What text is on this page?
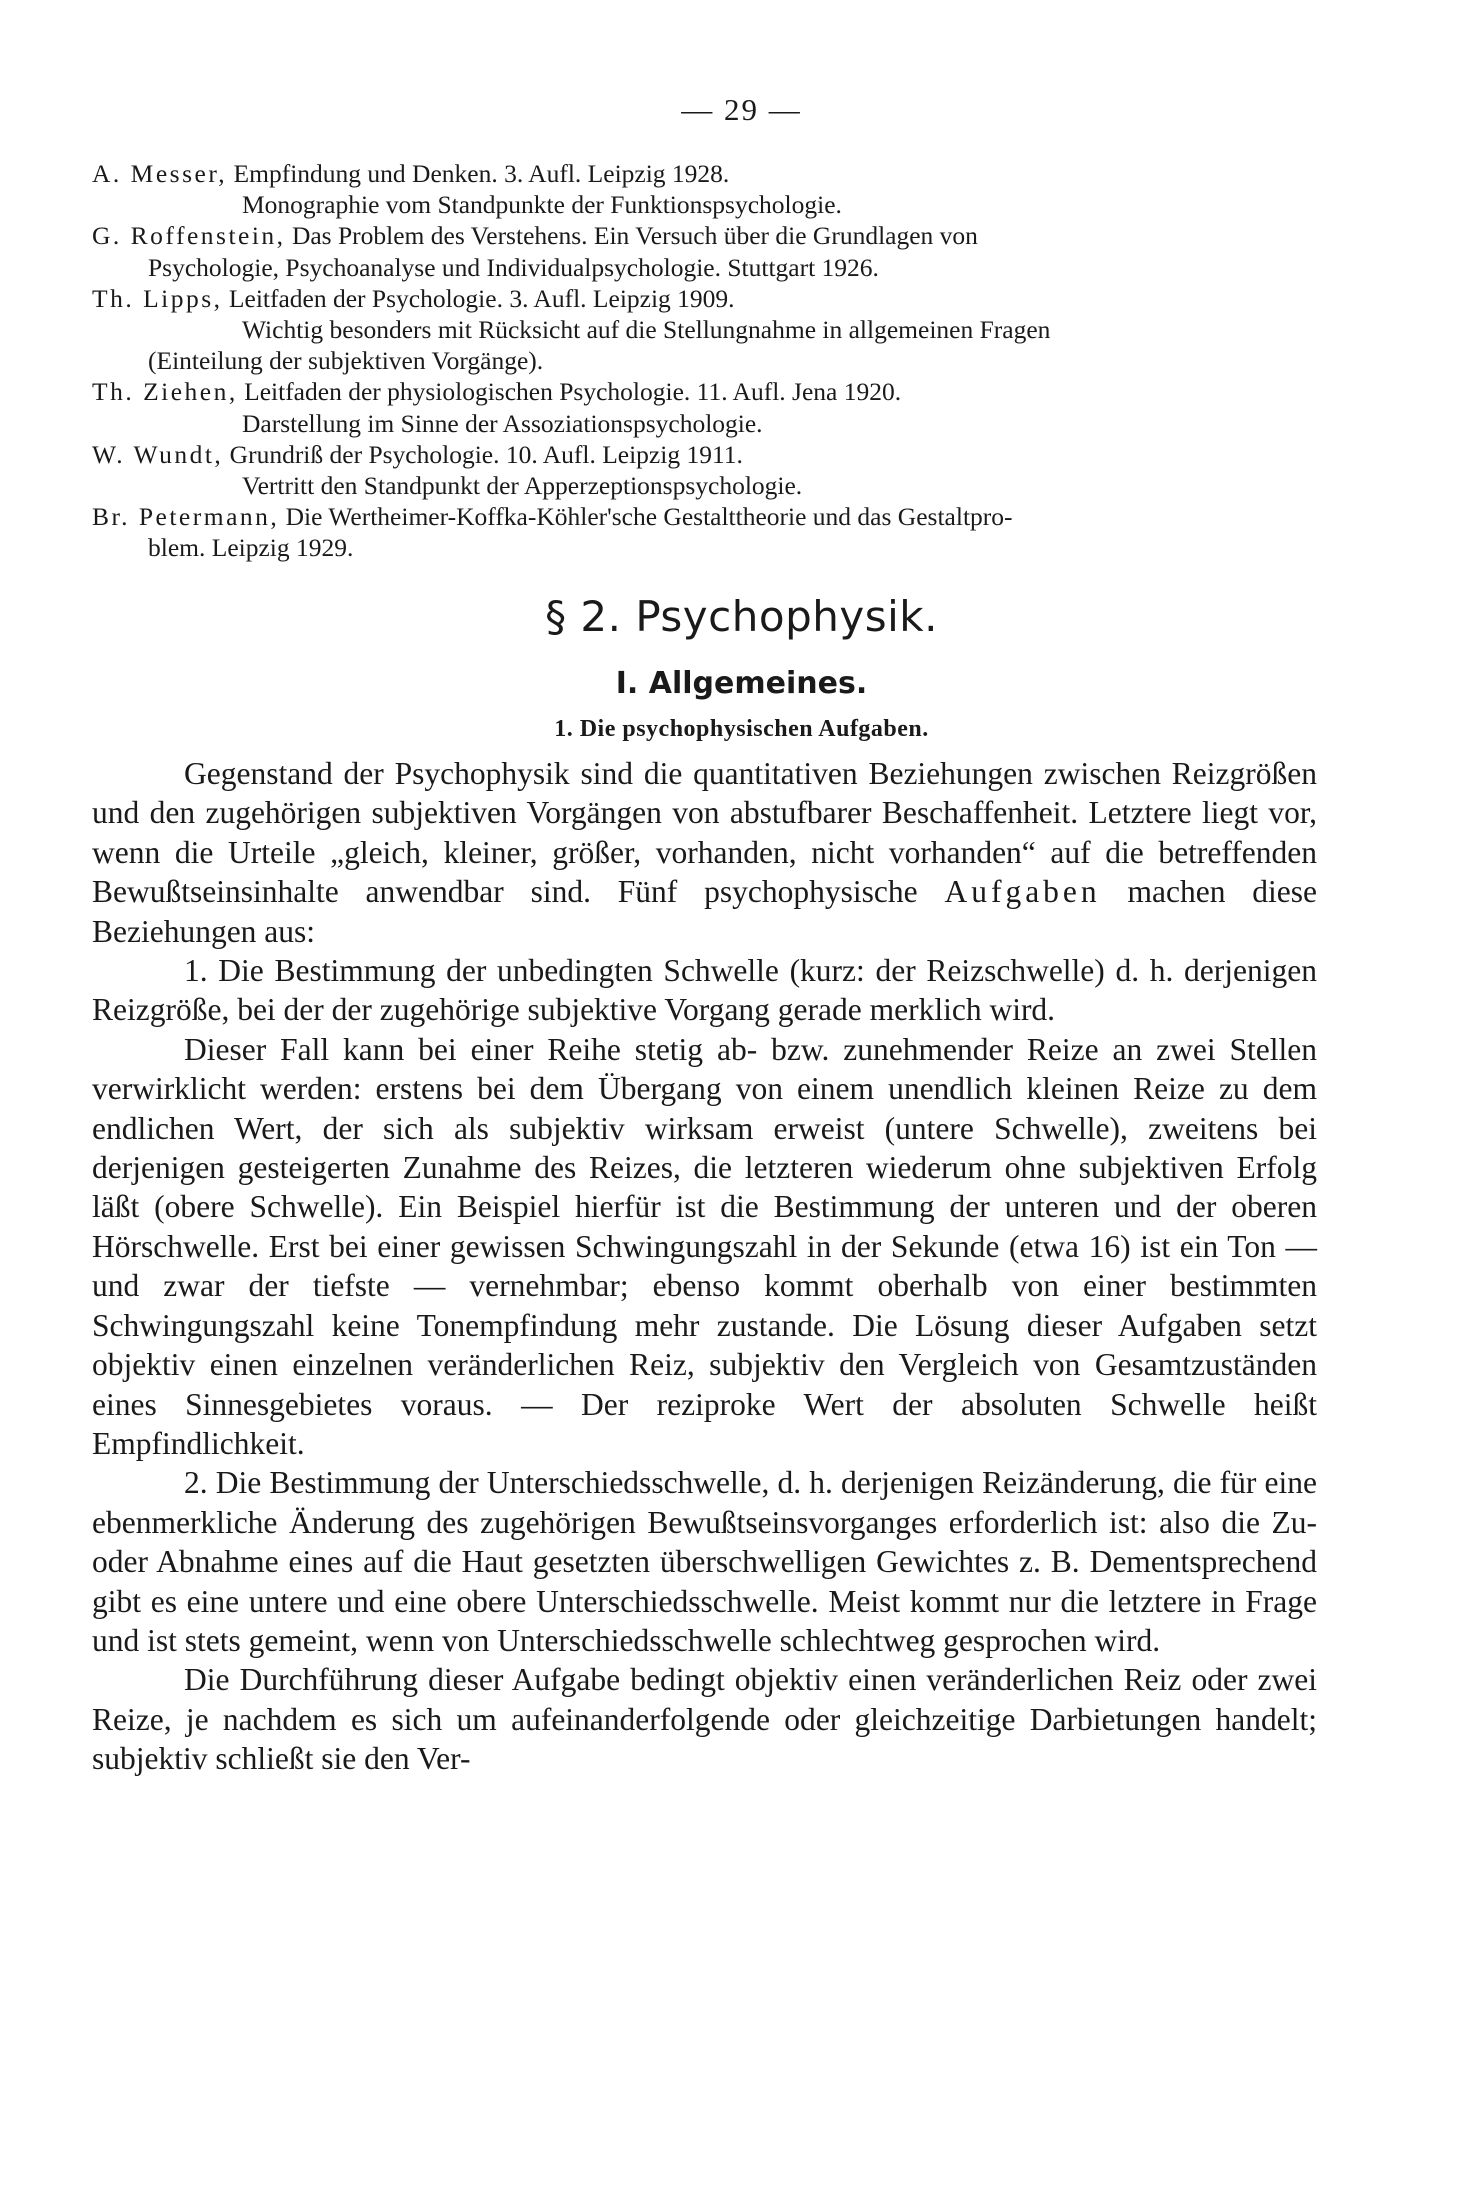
— 29 —
A. Messer, Empfindung und Denken. 3. Aufl. Leipzig 1928.
Monographie vom Standpunkte der Funktionspsychologie.
G. Roffenstein, Das Problem des Verstehens. Ein Versuch über die Grundlagen von
Psychologie, Psychoanalyse und Individualpsychologie. Stuttgart 1926.
Th. Lipps, Leitfaden der Psychologie. 3. Aufl. Leipzig 1909.
Wichtig besonders mit Rücksicht auf die Stellungnahme in allgemeinen Fragen
(Einteilung der subjektiven Vorgänge).
Th. Ziehen, Leitfaden der physiologischen Psychologie. 11. Aufl. Jena 1920.
Darstellung im Sinne der Assoziationspsychologie.
W. Wundt, Grundriß der Psychologie. 10. Aufl. Leipzig 1911.
Vertritt den Standpunkt der Apperzeptionspsychologie.
Br. Petermann, Die Wertheimer-Koffka-Köhler'sche Gestalttheorie und das Gestaltpro-
blem. Leipzig 1929.
§ 2. Psychophysik.
I. Allgemeines.
1. Die psychophysischen Aufgaben.

Gegenstand der Psychophysik sind die quantitativen Beziehungen zwischen Reizgrößen und den zugehörigen subjektiven Vorgängen von abstufbarer Beschaffenheit. Letztere liegt vor, wenn die Urteile „gleich, kleiner, größer, vorhanden, nicht vorhanden“ auf die betreffenden Bewußtseinsinhalte anwendbar sind. Fünf psychophysische Aufgaben machen diese Beziehungen aus:

1. Die Bestimmung der unbedingten Schwelle (kurz: der Reizschwelle) d. h. derjenigen Reizgröße, bei der der zugehörige subjektive Vorgang gerade merklich wird.

Dieser Fall kann bei einer Reihe stetig ab- bzw. zunehmender Reize an zwei Stellen verwirklicht werden: erstens bei dem Übergang von einem unendlich kleinen Reize zu dem endlichen Wert, der sich als subjektiv wirksam erweist (untere Schwelle), zweitens bei derjenigen gesteigerten Zunahme des Reizes, die letzteren wiederum ohne subjektiven Erfolg läßt (obere Schwelle). Ein Beispiel hierfür ist die Bestimmung der unteren und der oberen Hörschwelle. Erst bei einer gewissen Schwingungszahl in der Sekunde (etwa 16) ist ein Ton — und zwar der tiefste — vernehmbar; ebenso kommt oberhalb von einer bestimmten Schwingungszahl keine Tonempfindung mehr zustande. Die Lösung dieser Aufgaben setzt objektiv einen einzelnen veränderlichen Reiz, subjektiv den Vergleich von Gesamtzuständen eines Sinnesgebietes voraus. — Der reziproke Wert der absoluten Schwelle heißt Empfindlichkeit.

2. Die Bestimmung der Unterschiedsschwelle, d. h. derjenigen Reizänderung, die für eine ebenmerkliche Änderung des zugehörigen Bewußtseinsvorganges erforderlich ist: also die Zu- oder Abnahme eines auf die Haut gesetzten überschwelligen Gewichtes z. B. Dementsprechend gibt es eine untere und eine obere Unterschiedsschwelle. Meist kommt nur die letztere in Frage und ist stets gemeint, wenn von Unterschiedsschwelle schlechtweg gesprochen wird.

Die Durchführung dieser Aufgabe bedingt objektiv einen veränderlichen Reiz oder zwei Reize, je nachdem es sich um aufeinanderfolgende oder gleichzeitige Darbietungen handelt; subjektiv schließt sie den Ver-
